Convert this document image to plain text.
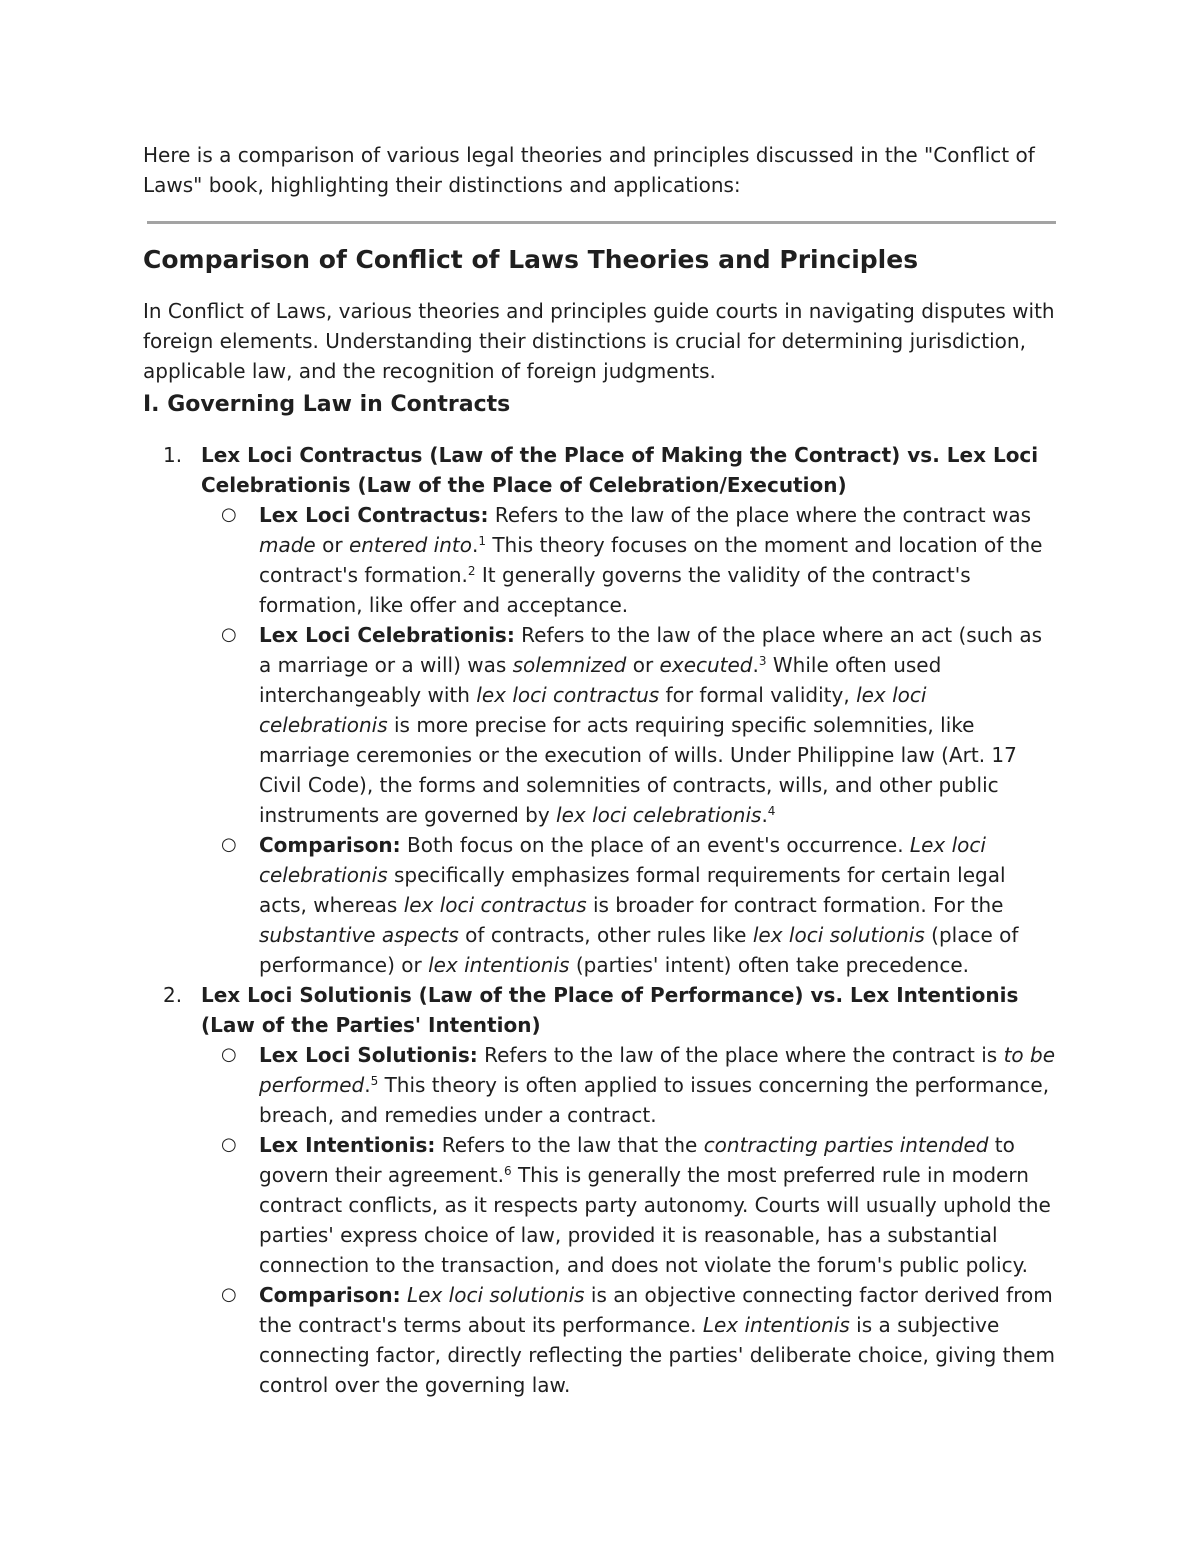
Here is a comparison of various legal theories and principles discussed in the "Conflict of Laws" book, highlighting their distinctions and applications:

Comparison of Conflict of Laws Theories and Principles

In Conflict of Laws, various theories and principles guide courts in navigating disputes with foreign elements. Understanding their distinctions is crucial for determining jurisdiction, applicable law, and the recognition of foreign judgments.

I. Governing Law in Contracts
1. Lex Loci Contractus (Law of the Place of Making the Contract) vs. Lex Loci Celebrationis (Law of the Place of Celebration/Execution)
○ Lex Loci Contractus: Refers to the law of the place where the contract was made or entered into.$^1$ This theory focuses on the moment and location of the contract's formation.$^2$ It generally governs the validity of the contract's formation, like offer and acceptance.
○ Lex Loci Celebrationis: Refers to the law of the place where an act (such as a marriage or a will) was solemnized or executed.$^3$ While often used interchangeably with lex loci contractus for formal validity, lex loci celebrationis is more precise for acts requiring specific solemnities, like marriage ceremonies or the execution of wills. Under Philippine law (Art. 17 Civil Code), the forms and solemnities of contracts, wills, and other public instruments are governed by lex loci celebrationis.$^4$
○ Comparison: Both focus on the place of an event's occurrence. Lex loci celebrationis specifically emphasizes formal requirements for certain legal acts, whereas lex loci contractus is broader for contract formation. For the substantive aspects of contracts, other rules like lex loci solutionis (place of performance) or lex intentionis (parties' intent) often take precedence.
2. Lex Loci Solutionis (Law of the Place of Performance) vs. Lex Intentionis (Law of the Parties' Intention)
○ Lex Loci Solutionis: Refers to the law of the place where the contract is to be performed.$^5$ This theory is often applied to issues concerning the performance, breach, and remedies under a contract.
○ Lex Intentionis: Refers to the law that the contracting parties intended to govern their agreement.$^6$ This is generally the most preferred rule in modern contract conflicts, as it respects party autonomy. Courts will usually uphold the parties' express choice of law, provided it is reasonable, has a substantial connection to the transaction, and does not violate the forum's public policy.
○ Comparison: Lex loci solutionis is an objective connecting factor derived from the contract's terms about its performance. Lex intentionis is a subjective connecting factor, directly reflecting the parties' deliberate choice, giving them control over the governing law.
